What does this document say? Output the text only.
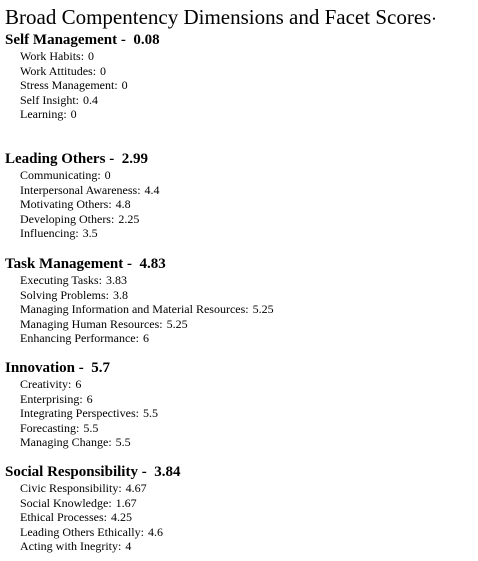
Broad Compentency Dimensions and Facet Scores•
Self Management -  0.08
Work Habits: 0
Work Attitudes: 0
Stress Management: 0
Self Insight: 0.4
Learning: 0
Leading Others -  2.99
Communicating: 0
Interpersonal Awareness: 4.4
Motivating Others: 4.8
Developing Others: 2.25
Influencing: 3.5
Task Management -  4.83
Executing Tasks: 3.83
Solving Problems: 3.8
Managing Information and Material Resources: 5.25
Managing Human Resources: 5.25
Enhancing Performance: 6
Innovation -  5.7
Creativity: 6
Enterprising: 6
Integrating Perspectives: 5.5
Forecasting: 5.5
Managing Change: 5.5
Social Responsibility -  3.84
Civic Responsibility: 4.67
Social Knowledge: 1.67
Ethical Processes: 4.25
Leading Others Ethically: 4.6
Acting with Inegrity: 4
